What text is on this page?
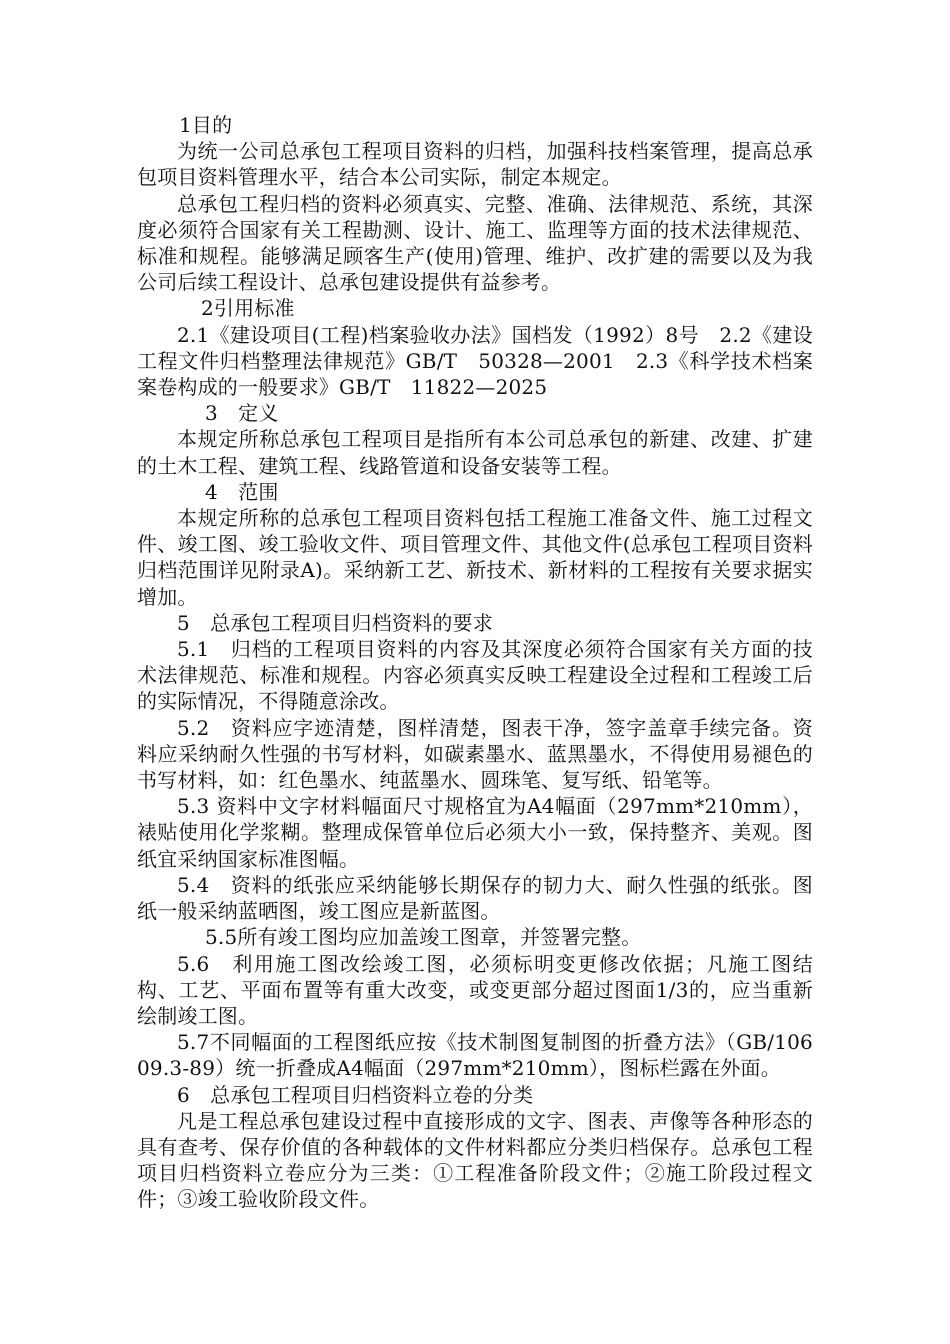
1目的

为统一公司总承包工程项目资料的归档，加强科技档案管理，提高总承包项目资料管理水平，结合本公司实际，制定本规定。

总承包工程归档的资料必须真实、完整、准确、法律规范、系统，其深度必须符合国家有关工程勘测、设计、施工、监理等方面的技术法律规范、标准和规程。能够满足顾客生产(使用)管理、维护、改扩建的需要以及为我公司后续工程设计、总承包建设提供有益参考。

2引用标准

2.1《建设项目(工程)档案验收办法》国档发（1992）8号　2.2《建设工程文件归档整理法律规范》GB/T　50328—2001　2.3《科学技术档案案卷构成的一般要求》GB/T　11822—2025

3　定义

本规定所称总承包工程项目是指所有本公司总承包的新建、改建、扩建的土木工程、建筑工程、线路管道和设备安装等工程。

4　范围

本规定所称的总承包工程项目资料包括工程施工准备文件、施工过程文件、竣工图、竣工验收文件、项目管理文件、其他文件(总承包工程项目资料归档范围详见附录A)。采纳新工艺、新技术、新材料的工程按有关要求据实增加。

5　总承包工程项目归档资料的要求

5.1　归档的工程项目资料的内容及其深度必须符合国家有关方面的技术法律规范、标准和规程。内容必须真实反映工程建设全过程和工程竣工后的实际情况，不得随意涂改。

5.2　资料应字迹清楚，图样清楚，图表干净，签字盖章手续完备。资料应采纳耐久性强的书写材料，如碳素墨水、蓝黑墨水，不得使用易褪色的书写材料，如：红色墨水、纯蓝墨水、圆珠笔、复写纸、铅笔等。

5.3 资料中文字材料幅面尺寸规格宜为A4幅面（297mm*210mm），裱贴使用化学浆糊。整理成保管单位后必须大小一致，保持整齐、美观。图纸宜采纳国家标准图幅。

5.4　资料的纸张应采纳能够长期保存的韧力大、耐久性强的纸张。图纸一般采纳蓝晒图，竣工图应是新蓝图。

5.5所有竣工图均应加盖竣工图章，并签署完整。

5.6　利用施工图改绘竣工图，必须标明变更修改依据；凡施工图结构、工艺、平面布置等有重大改变，或变更部分超过图面1/3的，应当重新绘制竣工图。

5.7不同幅面的工程图纸应按《技术制图复制图的折叠方法》（GB/10609.3-89）统一折叠成A4幅面（297mm*210mm），图标栏露在外面。

6　总承包工程项目归档资料立卷的分类

凡是工程总承包建设过程中直接形成的文字、图表、声像等各种形态的具有查考、保存价值的各种载体的文件材料都应分类归档保存。总承包工程项目归档资料立卷应分为三类：①工程准备阶段文件；②施工阶段过程文件；③竣工验收阶段文件。
